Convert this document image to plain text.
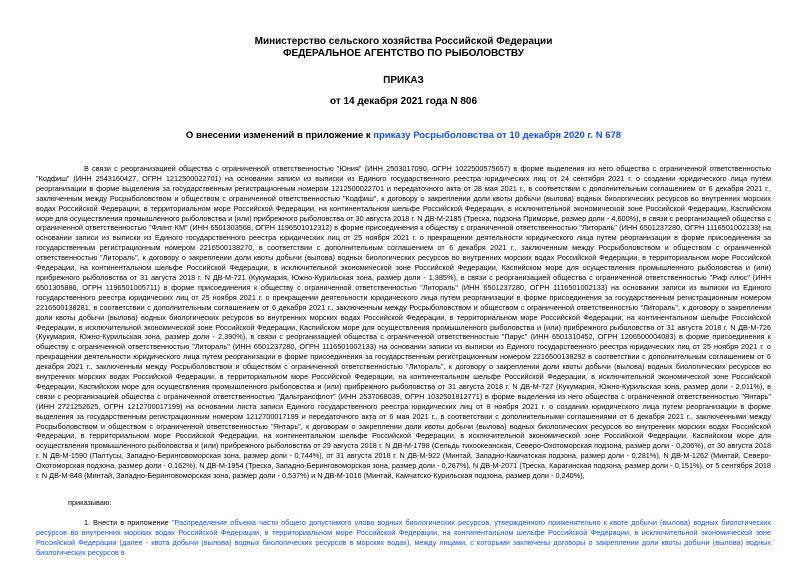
Министерство сельского хозяйства Российской Федерации
ФЕДЕРАЛЬНОЕ АГЕНТСТВО ПО РЫБОЛОВСТВУ
ПРИКАЗ
от 14 декабря 2021 года N 806
О внесении изменений в приложение к приказу Росрыболовства от 10 декабря 2020 г. N 678

В связи с реорганизацией общества с ограниченной ответственностью "Юния" (ИНН 2503017090, ОГРН 1022500575657) в форме выделения из него общества с ограниченной ответственностью "Кодфиш" (ИНН 2543160427, ОГРН 1212500022701) на основании записи из выписки из Единого государственного реестра юридических лиц от 24 сентября 2021 г. о создании юридического лица путем реорганизации в форме выделения за государственным регистрационным номером 1212500022701 и передаточного акта от 28 мая 2021 г., в соответствии с дополнительным соглашением от 6 декабря 2021 г., заключенным между Росрыболовством и обществом с ограниченной ответственностью "Кодфиш", к договору о закреплении доли квоты добычи (вылова) водных биологических ресурсов во внутренних морских водах Российской Федерации, в территориальном море Российской Федерации, на континентальном шельфе Российской Федерации, в исключительной экономической зоне Российской Федерации, Каспийском море для осуществления промышленного рыболовства и (или) прибрежного рыболовства от 30 августа 2018 г. N ДВ-М-2185 (Треска, подзона Приморье, размер доли - 4,600%), в связи с реорганизацией общества с ограниченной ответственностью "Флинт КМ" (ИНН 6501303568, ОГРН 1196501012312) в форме присоединения к обществу с ограниченной ответственностью "Литораль" (ИНН 6501237280, ОГРН 1116501002133) на основании записи из выписки из Единого государственного реестра юридических лиц от 25 ноября 2021 г. о прекращении деятельности юридического лица путем реорганизации в форме присоединения за государственным регистрационным номером 2216500138270, в соответствии с дополнительным соглашением от 6 декабря 2021 г., заключенным между Росрыболовством и обществом с ограниченной ответственностью "Литораль", к договору о закреплении доли квоты добычи (вылова) водных биологических ресурсов во внутренних морских водах Российской Федерации, в территориальном море Российской Федерации, на континентальном шельфе Российской Федерации, в исключительной экономической зоне Российской Федерации, Каспийском море для осуществления промышленного рыболовства и (или) прибрежного рыболовства от 31 августа 2018 г. N ДВ-М-721 (Кукумария, Южно-Курильская зона, размер доли - 1,385%), в связи с реорганизацией общества с ограниченной ответственностью "Риф плюс" (ИНН 6501305886, ОГРН 1196501005711) в форме присоединения к обществу с ограниченной ответственностью "Литораль" (ИНН 6501237280, ОГРН 1116501002133) на основании записи из выписки из Единого государственного реестра юридических лиц от 25 ноября 2021 г. о прекращении деятельности юридического лица путем реорганизации в форме присоединения за государственным регистрационным номером 2216500138281, в соответствии с дополнительным соглашением от 6 декабря 2021 г., заключенным между Росрыболовством и обществом с ограниченной ответственностью "Литораль", к договору о закреплении доли квоты добычи (вылова) водных биологических ресурсов во внутренних морских водах Российской Федерации, в территориальном море Российской Федерации, на континентальном шельфе Российской Федерации, в исключительной экономической зоне Российской Федерации, Каспийском море для осуществления промышленного рыболовства и (или) прибрежного рыболовства от 31 августа 2018 г. N ДВ-М-726 (Кукумария, Южно-Курильская зона, размер доли - 2,390%), в связи с реорганизацией общества с ограниченной ответственностью "Парус" (ИНН 6501310452, ОГРН 1206500004083) в форме присоединения к обществу с ограниченной ответственностью "Литораль" (ИНН 6501237280, ОГРН 1116501002133) на основании записи из выписки из Единого государственного реестра юридических лиц от 25 ноября 2021 г. о прекращении деятельности юридического лица путем реорганизации в форме присоединения за государственным регистрационным номером 2216500138292 в соответствии с дополнительным соглашением от 6 декабря 2021 г., заключенным между Росрыболовством и обществом с ограниченной ответственностью "Литораль", к договору о закреплении доли квоты добычи (вылова) водных биологических ресурсов во внутренних морских водах Российской Федерации, в территориальном море Российской Федерации, на континентальном шельфе Российской Федерации, в исключительной экономической зоне Российской Федерации, Каспийском море для осуществления промышленного рыболовства и (или) прибрежного рыболовства от 31 августа 2018 г. N ДВ-М-727 (Кукумария, Южно-Курильская зона, размер доли - 2,011%), в связи с реорганизацией общества с ограниченной ответственностью "Дальтрансфлот" (ИНН 2537068039, ОГРН 1032501812771) в форме выделения из него общества с ограниченной ответственностью "Янтарь" (ИНН 2721252625, ОГРН 1212700017199) на основании листа записи Единого государственного реестра юридических лиц от 8 ноября 2021 г. о создании юридического лица путем реорганизации в форме выделения за государственным регистрационным номером 1212700017199 и передаточного акта от 6 мая 2021 г., в соответствии с дополнительными соглашениями от 6 декабря 2021 г., заключенными между Росрыболовством и обществом с ограниченной ответственностью "Янтарь", к договорам о закреплении доли квоты добычи (вылова) водных биологических ресурсов во внутренних морских водах Российской Федерации, в территориальном море Российской Федерации, на континентальном шельфе Российской Федерации, в исключительной экономической зоне Российской Федерации, Каспийском море для осуществления промышленного рыболовства и (или) прибрежного рыболовства от 29 августа 2018 г. N ДВ-М-1798 (Сельдь тихоокеанская, Северо-Охотоморская подзона, размер доли - 0,206%), от 30 августа 2018 г. N ДВ-М-1590 (Палтусы, Западно-Беринговоморская зона, размер доли - 0,744%), от 31 августа 2018 г. N ДВ-М-922 (Минтай, Западно-Камчатская подзона, размер доли - 0,281%), N ДВ-М-1262 (Минтай, Северо-Охотоморская подзона, размер доли - 0,162%), N ДВ-М-1954 (Треска, Западно-Беринговоморская зона, размер доли - 0,267%), N ДВ-М-2071 (Треска, Карагинская подзона, размер доли - 0,151%), от 5 сентября 2018 г. N ДВ-М-848 (Минтай, Западно-Беринговоморская зона, размер доли - 0,537%) и N ДВ-М-1016 (Минтай, Камчатско-Курильская подзона, размер доли - 0,240%),

приказываю:

1. Внести в приложение "Распределение объема части общего допустимого улова водных биологических ресурсов, утвержденного применительно к квоте добычи (вылова) водных биологических ресурсов во внутренних морских водах Российской Федерации, в территориальном море Российской Федерации, на континентальном шельфе Российской Федерации, в исключительной экономической зоне Российской Федерации (далее - квота добычи (вылова) водных биологических ресурсов в морских водах), между лицами, с которыми заключены договоры о закреплении доли квоты добычи (вылова) водных биологических ресурсов в
